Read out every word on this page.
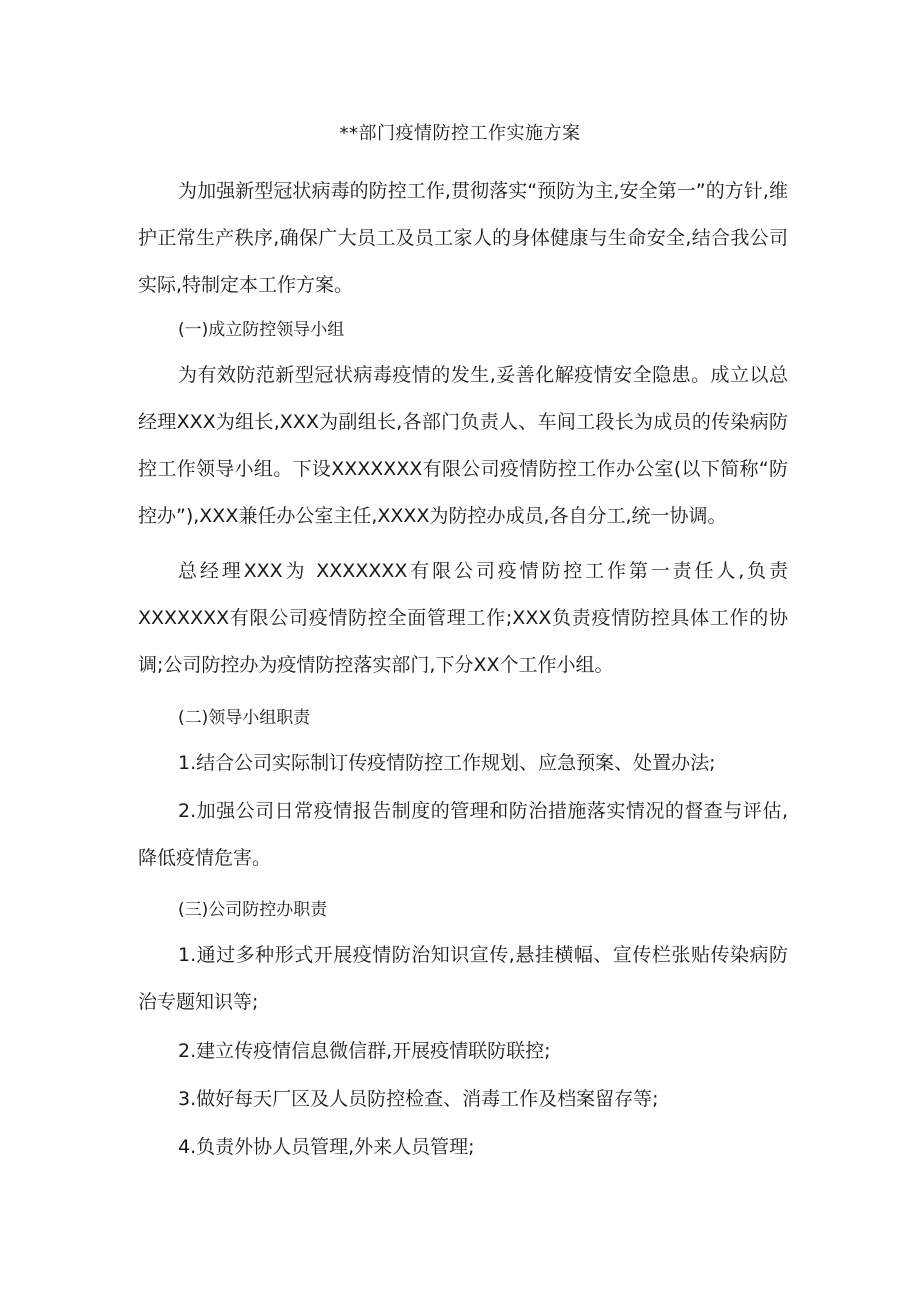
**部门疫情防控工作实施方案

为加强新型冠状病毒的防控工作,贯彻落实“预防为主,安全第一”的方针,维护正常生产秩序,确保广大员工及员工家人的身体健康与生命安全,结合我公司实际,特制定本工作方案。

(一)成立防控领导小组

为有效防范新型冠状病毒疫情的发生,妥善化解疫情安全隐患。成立以总经理XXX为组长,XXX为副组长,各部门负责人、车间工段长为成员的传染病防控工作领导小组。下设XXXXXXX有限公司疫情防控工作办公室(以下简称“防控办”),XXX兼任办公室主任,XXXX为防控办成员,各自分工,统一协调。

总经理XXX为 XXXXXXX有限公司疫情防控工作第一责任人,负责XXXXXXX有限公司疫情防控全面管理工作;XXX负责疫情防控具体工作的协调;公司防控办为疫情防控落实部门,下分XX个工作小组。

(二)领导小组职责

1.结合公司实际制订传疫情防控工作规划、应急预案、处置办法;

2.加强公司日常疫情报告制度的管理和防治措施落实情况的督查与评估,降低疫情危害。

(三)公司防控办职责

1.通过多种形式开展疫情防治知识宣传,悬挂横幅、宣传栏张贴传染病防治专题知识等;

2.建立传疫情信息微信群,开展疫情联防联控;

3.做好每天厂区及人员防控检查、消毒工作及档案留存等;

4.负责外协人员管理,外来人员管理;
